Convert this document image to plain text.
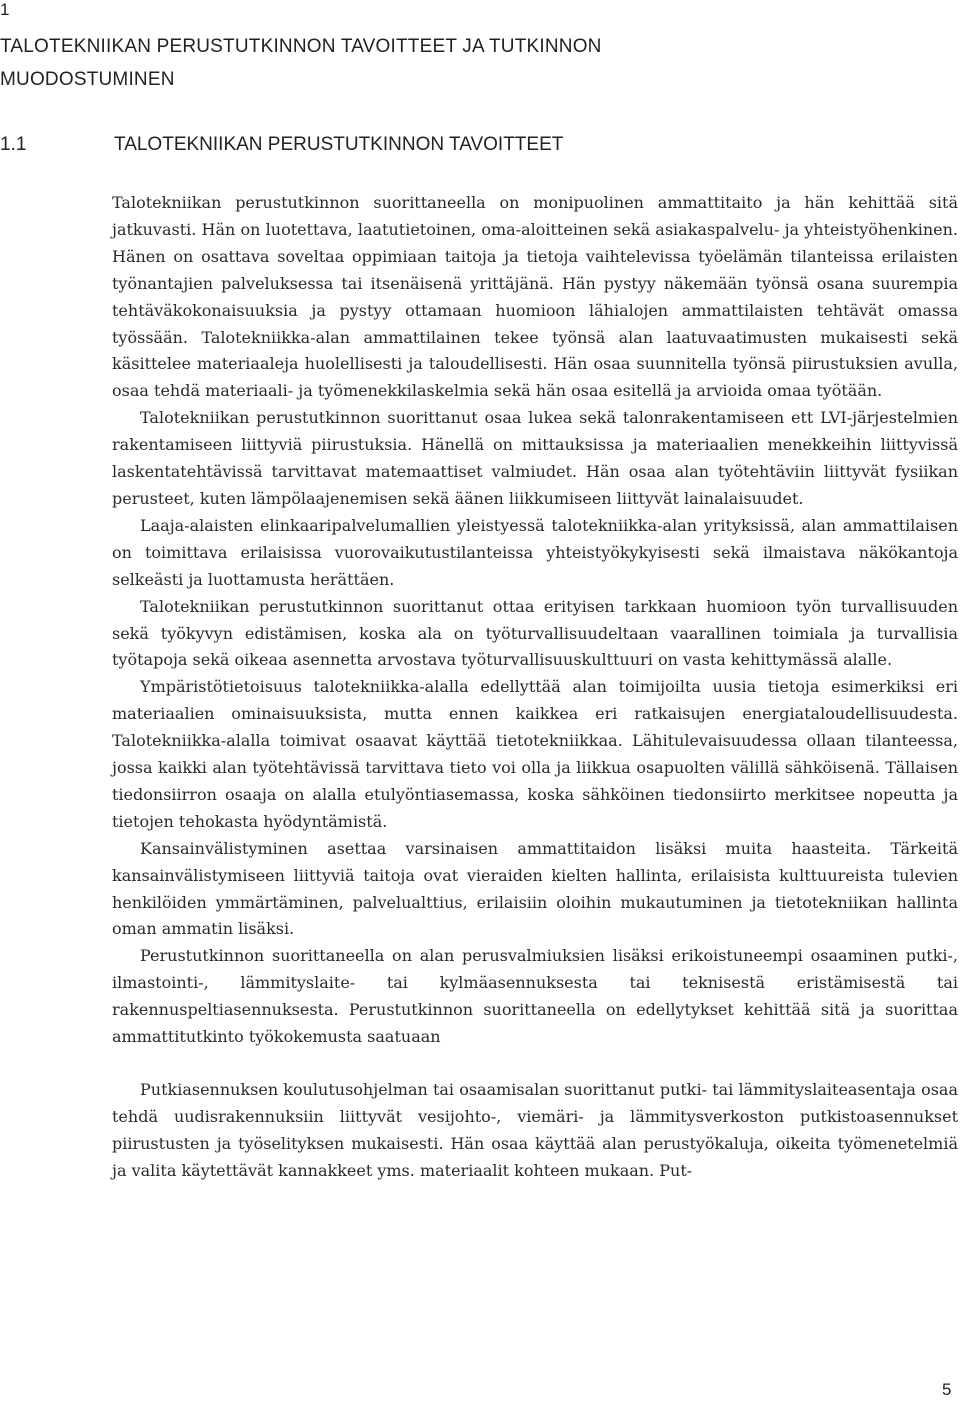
1
TALOTEKNIIKAN PERUSTUTKINNON TAVOITTEET JA TUTKINNON MUODOSTUMINEN
1.1	TALOTEKNIIKAN PERUSTUTKINNON TAVOITTEET

Talotekniikan perustutkinnon suorittaneella on monipuolinen ammattitaito ja hän kehittää sitä jatkuvasti. Hän on luotettava, laatutietoinen, oma-aloitteinen sekä asiakaspalvelu- ja yhteistyöhenkinen. Hänen on osattava soveltaa oppimiaan taitoja ja tietoja vaihtelevissa työelämän tilanteissa erilaisten työnantajien palveluksessa tai itsenäisenä yrittäjänä. Hän pystyy näkemään työnsä osana suurempia tehtäväkokonaisuuksia ja pystyy ottamaan huomioon lähialojen ammattilaisten tehtävät omassa työssään. Talotekniikka-alan ammattilainen tekee työnsä alan laatuvaatimusten mukaisesti sekä käsittelee materiaaleja huolellisesti ja taloudellisesti. Hän osaa suunnitella työnsä piirustuksien avulla, osaa tehdä materiaali- ja työmenekkilaskelmia sekä hän osaa esitellä ja arvioida omaa työtään.

Talotekniikan perustutkinnon suorittanut osaa lukea sekä talonrakentamiseen ett LVI-järjestelmien rakentamiseen liittyviä piirustuksia. Hänellä on mittauksissa ja materiaalien menekkeihin liittyvissä laskentatehtävissä tarvittavat matemaattiset valmiudet. Hän osaa alan työtehtäviin liittyvät fysiikan perusteet, kuten lämpölaajenemisen sekä äänen liikkumiseen liittyvät lainalaisuudet.

Laaja-alaisten elinkaaripalvelumallien yleistyessä talotekniikka-alan yrityksissä, alan ammattilaisen on toimittava erilaisissa vuorovaikutustilanteissa yhteistyökykyisesti sekä ilmaistava näkökantoja selkeästi ja luottamusta herättäen.

Talotekniikan perustutkinnon suorittanut ottaa erityisen tarkkaan huomioon työn turvallisuuden sekä työkyvyn edistämisen, koska ala on työturvallisuudeltaan vaarallinen toimiala ja turvallisia työtapoja sekä oikeaa asennetta arvostava työturvallisuuskulttuuri on vasta kehittymässä alalle.

Ympäristötietoisuus talotekniikka-alalla edellyttää alan toimijoilta uusia tietoja esimerkiksi eri materiaalien ominaisuuksista, mutta ennen kaikkea eri ratkaisujen energiataloudellisuudesta. Talotekniikka-alalla toimivat osaavat käyttää tietotekniikkaa. Lähitulevaisuudessa ollaan tilanteessa, jossa kaikki alan työtehtävissä tarvittava tieto voi olla ja liikkua osapuolten välillä sähköisenä. Tällaisen tiedonsiirron osaaja on alalla etulyöntiasemassa, koska sähköinen tiedonsiirto merkitsee nopeutta ja tietojen tehokasta hyödyntämistä.

Kansainvälistyminen asettaa varsinaisen ammattitaidon lisäksi muita haasteita. Tärkeitä kansainvälistymiseen liittyviä taitoja ovat vieraiden kielten hallinta, erilaisista kulttuureista tulevien henkilöiden ymmärtäminen, palvelualttius, erilaisiin oloihin mukautuminen ja tietotekniikan hallinta oman ammatin lisäksi.

Perustutkinnon suorittaneella on alan perusvalmiuksien lisäksi erikoistuneempi osaaminen putki-, ilmastointi-, lämmityslaite- tai kylmäasennuksesta tai teknisestä eristämisestä tai rakennuspeltiasennuksesta. Perustutkinnon suorittaneella on edellytykset kehittää sitä ja suorittaa ammattitutkinto työkokemusta saatuaan

Putkiasennuksen koulutusohjelman tai osaamisalan suorittanut putki- tai lämmityslaiteasentaja osaa tehdä uudisrakennuksiin liittyvät vesijohto-, viemäri- ja lämmitysverkoston putkistoasennukset piirustusten ja työselityksen mukaisesti. Hän osaa käyttää alan perustyökaluja, oikeita työmenetelmiä ja valita käytettävät kannakkeet yms. materiaalit kohteen mukaan. Put-

5
